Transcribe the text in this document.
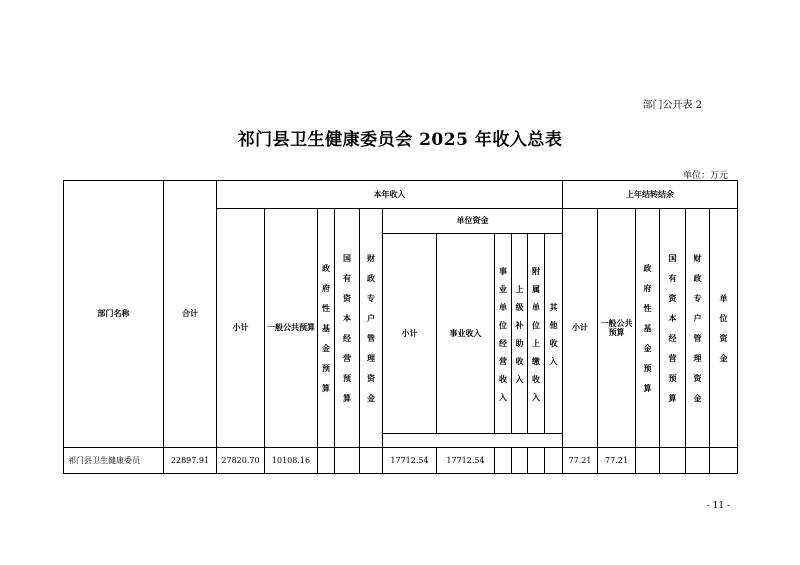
部门公开表 2
祁门县卫生健康委员会 2025 年收入总表
单位：万元
部门名称	合计	本年收入											上年结转结余					
		小计	一般公共预算	政府性基金预算	国有资本经营预算	财政专户管理资金	单位资金						小计	一般公共预算	政府性基金预算	国有资本经营预算	财政专户管理资金	单位资金

							小计	事业收入	事业单位经营收入	上级补助收入	附属单位上缴收入	其他收入						

祁门县卫生健康委员	22897.91	27820.70	10108.16				17712.54	17712.54					77.21	77.21				
- 11 -
